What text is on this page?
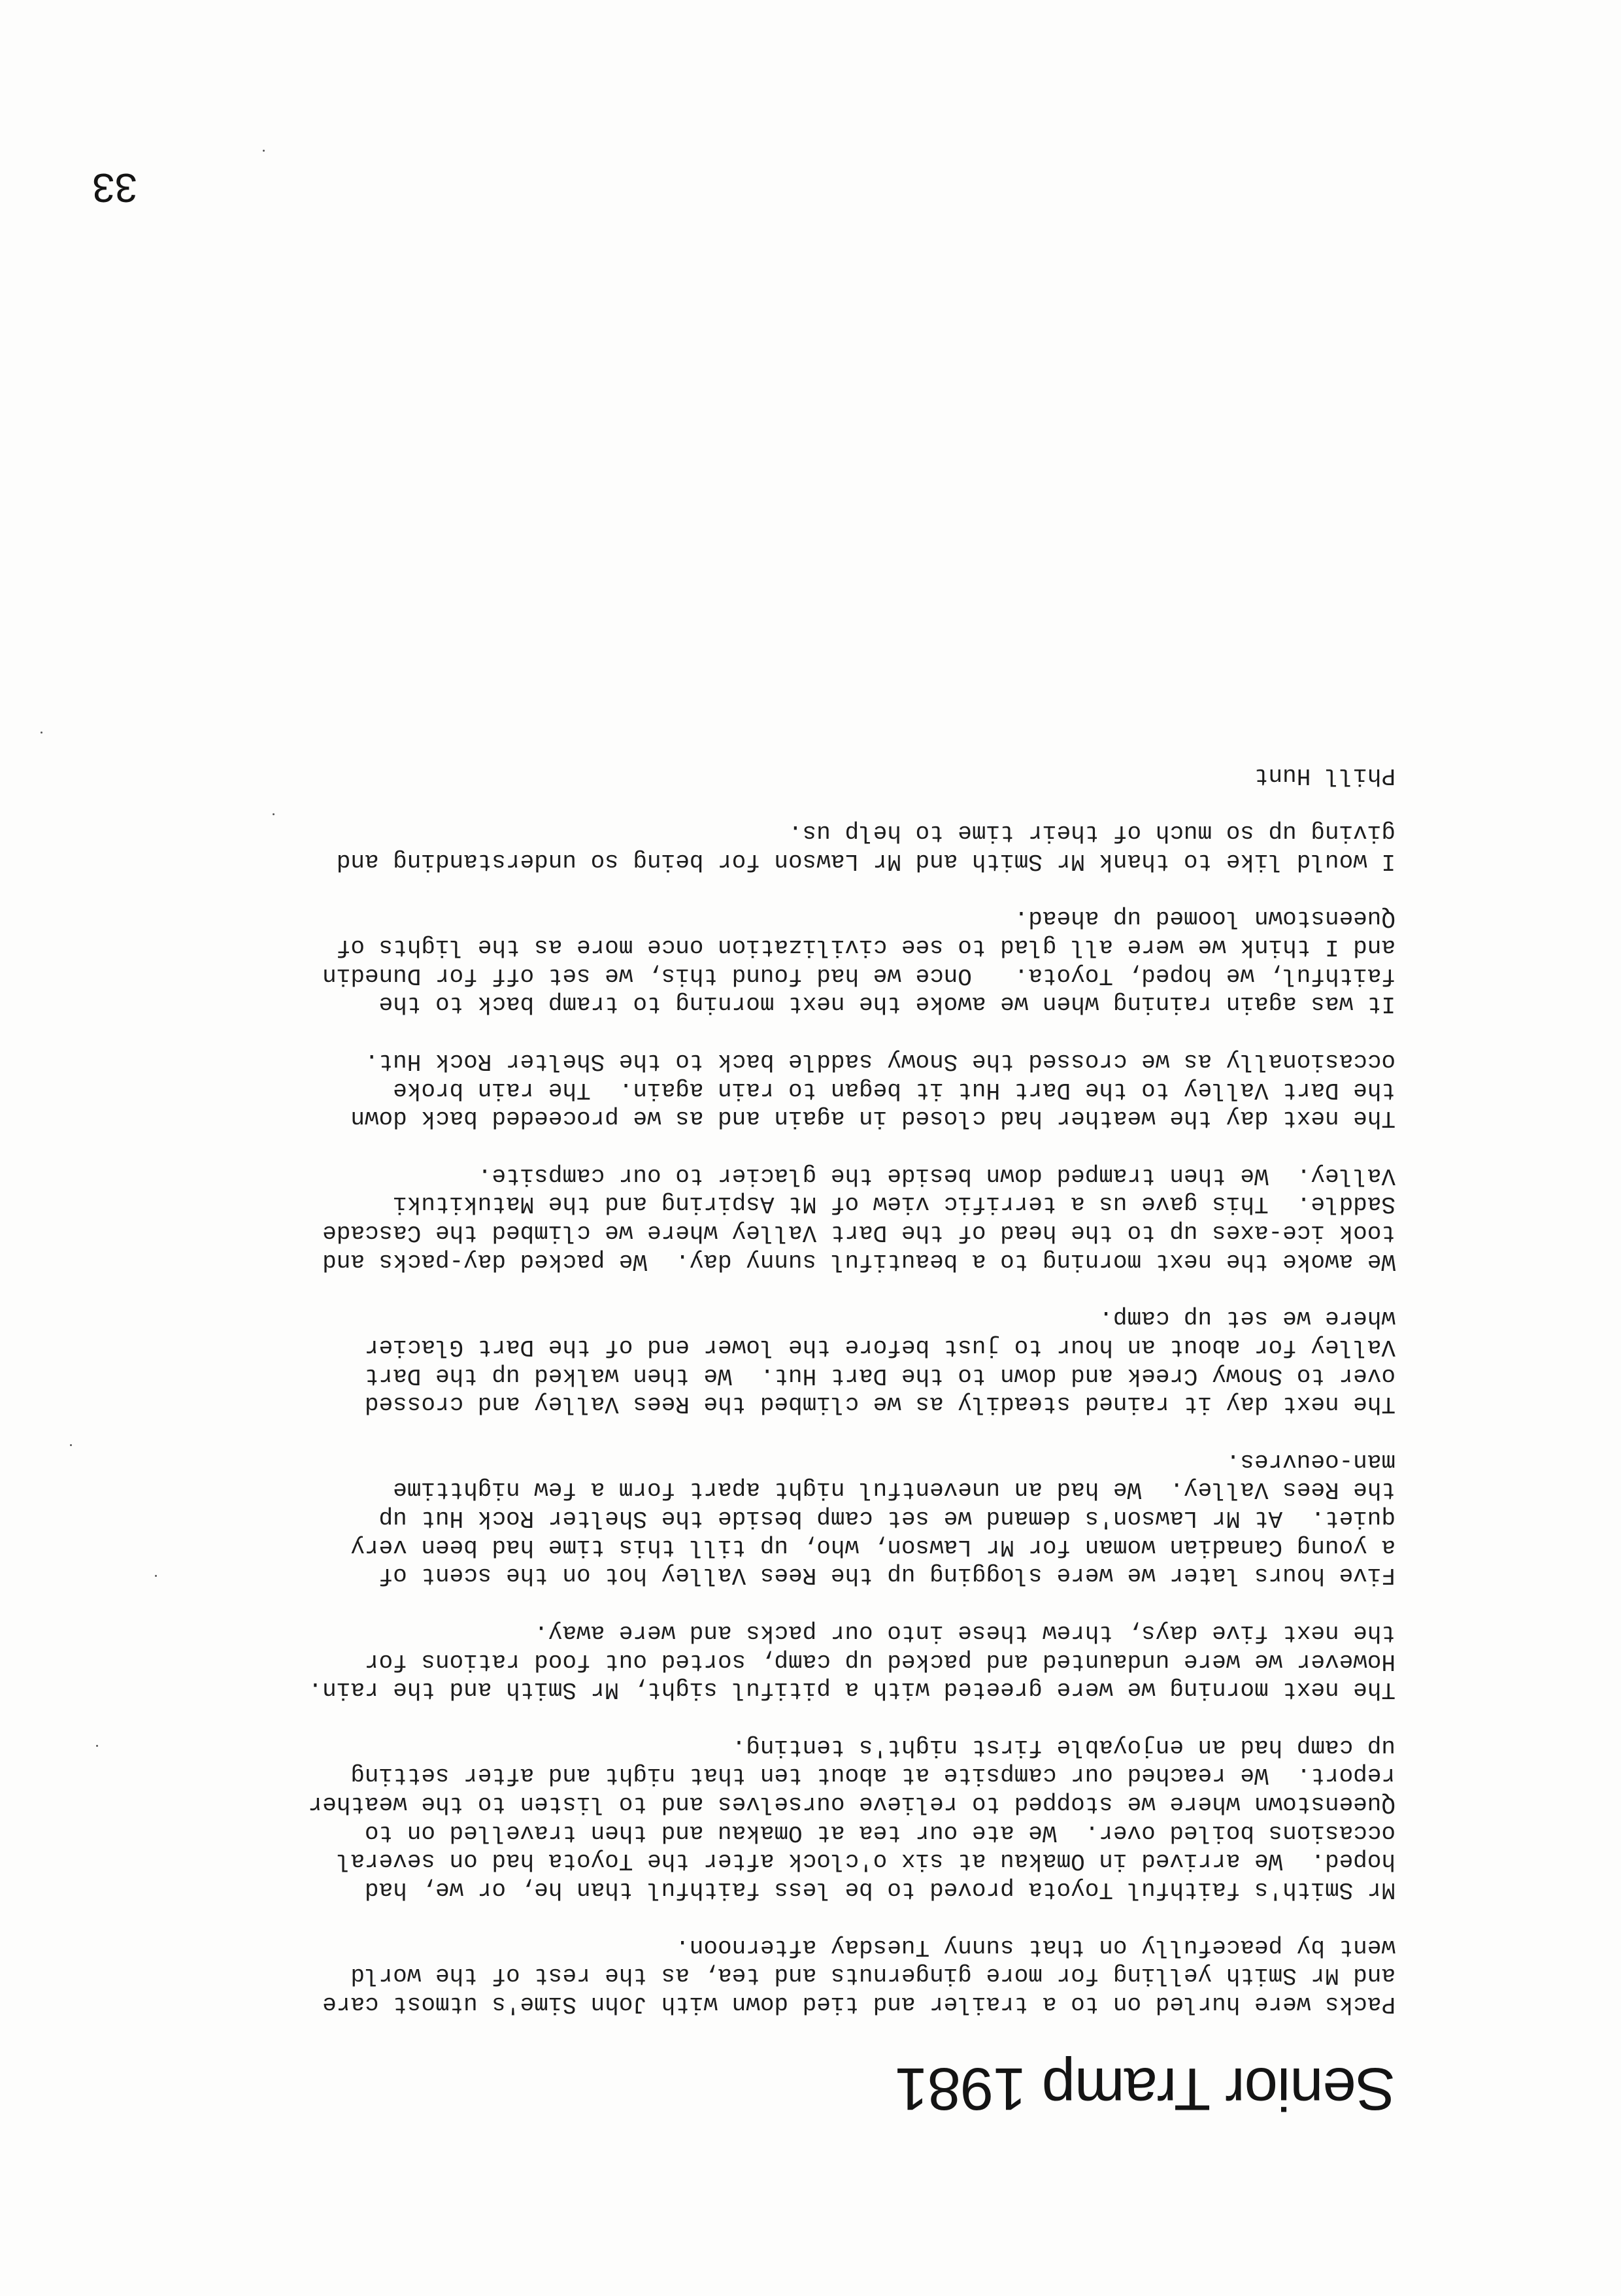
Senior Tramp 1981

Packs were hurled on to a trailer and tied down with John Sime's utmost care
and Mr Smith yelling for more gingernuts and tea, as the rest of the world
went by peacefully on that sunny Tuesday afternoon.

Mr Smith's faithful Toyota proved to be less faithful than he, or we, had
hoped.  We arrived in Omakau at six o'clock after the Toyota had on several
occasions boiled over.  We ate our tea at Omakau and then travelled on to
Queenstown where we stopped to relieve ourselves and to listen to the weather
report.  We reached our campsite at about ten that night and after setting
up camp had an enjoyable first night's tenting.

The next morning we were greeted with a pitiful sight, Mr Smith and the rain.
However we were undaunted and packed up camp, sorted out food rations for
the next five days, threw these into our packs and were away.

Five hours later we were slogging up the Rees Valley hot on the scent of
a young Canadian woman for Mr Lawson, who, up till this time had been very
quiet.  At Mr Lawson's demand we set camp beside the Shelter Rock Hut up
the Rees Valley.  We had an uneventful night apart form a few nighttime
man-oeuvres.

The next day it rained steadily as we climbed the Rees Valley and crossed
over to Snowy Creek and down to the Dart Hut.  We then walked up the Dart
Valley for about an hour to just before the lower end of the Dart Glacier
where we set up camp.

We awoke the next morning to a beautiful sunny day.  We packed day-packs and
took ice-axes up to the head of the Dart Valley where we climbed the Cascade
Saddle.  This gave us a terrific view of Mt Aspiring and the Matukituki
Valley.  We then tramped down beside the glacier to our campsite.

The next day the weather had closed in again and as we proceeded back down
the Dart Valley to the Dart Hut it began to rain again.  The rain broke
occasionally as we crossed the Snowy saddle back to the Shelter Rock Hut.

It was again raining when we awoke the next morning to tramp back to the
faithful, we hoped, Toyota.   Once we had found this, we set off for Dunedin
and I think we were all glad to see civilization once more as the lights of
Queenstown loomed up ahead.

I would like to thank Mr Smith and Mr Lawson for being so understanding and
giving up so much of their time to help us.

Phill Hunt

33
